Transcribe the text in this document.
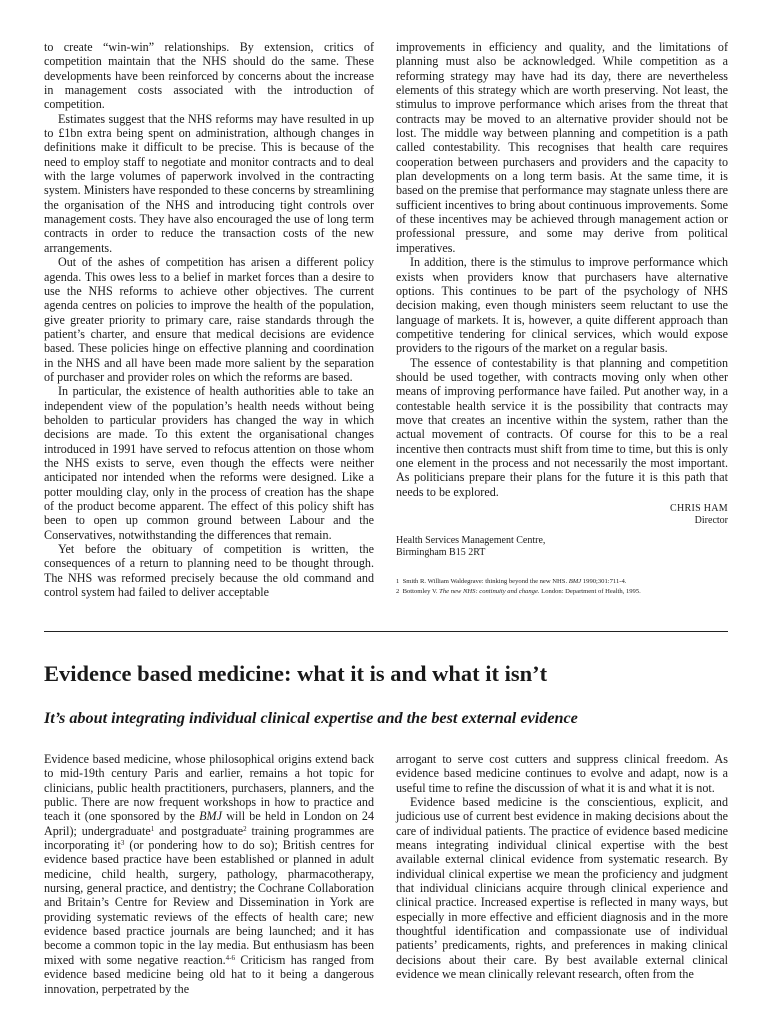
to create “win-win” relationships. By extension, critics of competition maintain that the NHS should do the same. These developments have been reinforced by concerns about the increase in management costs associated with the introduction of competition.

Estimates suggest that the NHS reforms may have resulted in up to £1bn extra being spent on administration, although changes in definitions make it difficult to be precise. This is because of the need to employ staff to negotiate and monitor contracts and to deal with the large volumes of paperwork involved in the contracting system. Ministers have responded to these concerns by streamlining the organisation of the NHS and introducing tight controls over management costs. They have also encouraged the use of long term contracts in order to reduce the transaction costs of the new arrangements.

Out of the ashes of competition has arisen a different policy agenda. This owes less to a belief in market forces than a desire to use the NHS reforms to achieve other objectives. The current agenda centres on policies to improve the health of the population, give greater priority to primary care, raise standards through the patient’s charter, and ensure that medical decisions are evidence based. These policies hinge on effective planning and coordination in the NHS and all have been made more salient by the separation of purchaser and provider roles on which the reforms are based.

In particular, the existence of health authorities able to take an independent view of the population’s health needs without being beholden to particular providers has changed the way in which decisions are made. To this extent the organisational changes introduced in 1991 have served to refocus attention on those whom the NHS exists to serve, even though the effects were neither anticipated nor intended when the reforms were designed. Like a potter moulding clay, only in the process of creation has the shape of the product become apparent. The effect of this policy shift has been to open up common ground between Labour and the Conservatives, notwithstanding the differences that remain.

Yet before the obituary of competition is written, the consequences of a return to planning need to be thought through. The NHS was reformed precisely because the old command and control system had failed to deliver acceptable

improvements in efficiency and quality, and the limitations of planning must also be acknowledged. While competition as a reforming strategy may have had its day, there are nevertheless elements of this strategy which are worth preserving. Not least, the stimulus to improve performance which arises from the threat that contracts may be moved to an alternative provider should not be lost. The middle way between planning and competition is a path called contestability. This recognises that health care requires cooperation between purchasers and providers and the capacity to plan developments on a long term basis. At the same time, it is based on the premise that performance may stagnate unless there are sufficient incentives to bring about continuous improvements. Some of these incentives may be achieved through management action or professional pressure, and some may derive from political imperatives.

In addition, there is the stimulus to improve performance which exists when providers know that purchasers have alternative options. This continues to be part of the psychology of NHS decision making, even though ministers seem reluctant to use the language of markets. It is, however, a quite different approach than competitive tendering for clinical services, which would expose providers to the rigours of the market on a regular basis.

The essence of contestability is that planning and competition should be used together, with contracts moving only when other means of improving performance have failed. Put another way, in a contestable health service it is the possibility that contracts may move that creates an incentive within the system, rather than the actual movement of contracts. Of course for this to be a real incentive then contracts must shift from time to time, but this is only one element in the process and not necessarily the most important. As politicians prepare their plans for the future it is this path that needs to be explored.

CHRIS HAM
Director
Health Services Management Centre,
Birmingham B15 2RT
1 Smith R. William Waldegrave: thinking beyond the new NHS. BMJ 1990;301:711-4.
2 Bottomley V. The new NHS: continuity and change. London: Department of Health, 1995.
Evidence based medicine: what it is and what it isn’t
It’s about integrating individual clinical expertise and the best external evidence

Evidence based medicine, whose philosophical origins extend back to mid-19th century Paris and earlier, remains a hot topic for clinicians, public health practitioners, purchasers, planners, and the public. There are now frequent workshops in how to practice and teach it (one sponsored by the BMJ will be held in London on 24 April); undergraduate$^1$ and postgraduate$^2$ training programmes are incorporating $it^3$ (or pondering how to do so); British centres for evidence based practice have been established or planned in adult medicine, child health, surgery, pathology, pharmacotherapy, nursing, general practice, and dentistry; the Cochrane Collaboration and Britain’s Centre for Review and Dissemination in York are providing systematic reviews of the effects of health care; new evidence based practice journals are being launched; and it has become a common topic in the lay media. But enthusiasm has been mixed with some negative reaction.$^{4-6}$ Criticism has ranged from evidence based medicine being old hat to it being a dangerous innovation, perpetrated by the

arrogant to serve cost cutters and suppress clinical freedom. As evidence based medicine continues to evolve and adapt, now is a useful time to refine the discussion of what it is and what it is not.

Evidence based medicine is the conscientious, explicit, and judicious use of current best evidence in making decisions about the care of individual patients. The practice of evidence based medicine means integrating individual clinical expertise with the best available external clinical evidence from systematic research. By individual clinical expertise we mean the proficiency and judgment that individual clinicians acquire through clinical experience and clinical practice. Increased expertise is reflected in many ways, but especially in more effective and efficient diagnosis and in the more thoughtful identification and compassionate use of individual patients’ predicaments, rights, and preferences in making clinical decisions about their care. By best available external clinical evidence we mean clinically relevant research, often from the
